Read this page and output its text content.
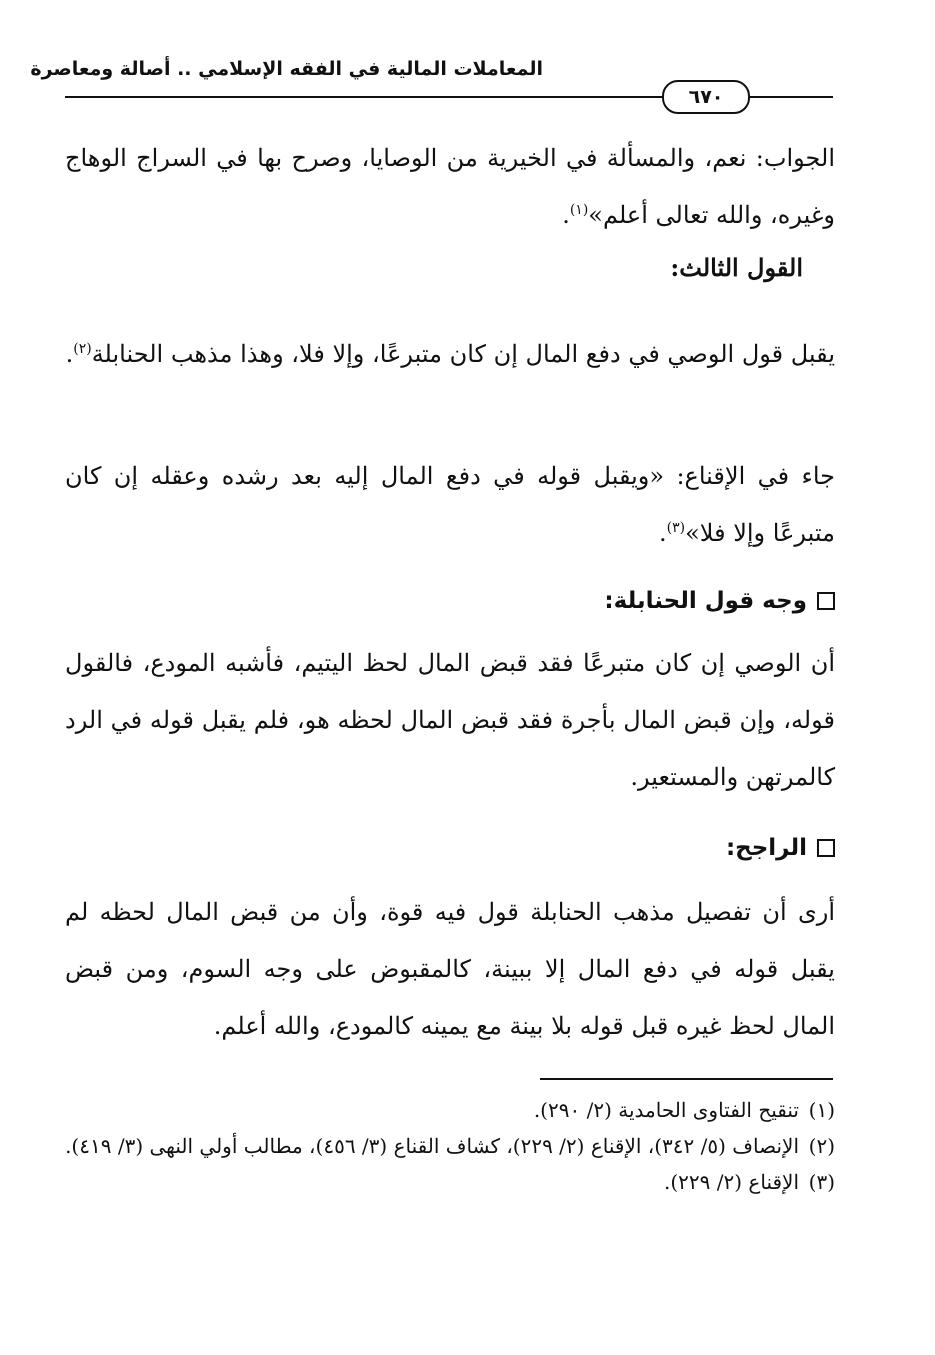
المعاملات المالية في الفقه الإسلامي .. أصالة ومعاصرة
٦٧٠

الجواب: نعم، والمسألة في الخيرية من الوصايا، وصرح بها في السراج الوهاج وغيره، والله تعالى أعلم»$^{(١)}$.

القول الثالث:

يقبل قول الوصي في دفع المال إن كان متبرعًا، وإلا فلا، وهذا مذهب الحنابلة$^{(٢)}$.

جاء في الإقناع: «ويقبل قوله في دفع المال إليه بعد رشده وعقله إن كان متبرعًا وإلا فلا»$^{(٣)}$.

وجه قول الحنابلة:

أن الوصي إن كان متبرعًا فقد قبض المال لحظ اليتيم، فأشبه المودع، فالقول قوله، وإن قبض المال بأجرة فقد قبض المال لحظه هو، فلم يقبل قوله في الرد كالمرتهن والمستعير.

الراجح:

أرى أن تفصيل مذهب الحنابلة قول فيه قوة، وأن من قبض المال لحظه لم يقبل قوله في دفع المال إلا ببينة، كالمقبوض على وجه السوم، ومن قبض المال لحظ غيره قبل قوله بلا بينة مع يمينه كالمودع، والله أعلم.

(١)
تنقيح الفتاوى الحامدية (٢/ ٢٩٠).
(٢)
الإنصاف (٥/ ٣٤٢)، الإقناع (٢/ ٢٢٩)، كشاف القناع (٣/ ٤٥٦)، مطالب أولي النهى (٣/ ٤١٩).
(٣)
الإقناع (٢/ ٢٢٩).
